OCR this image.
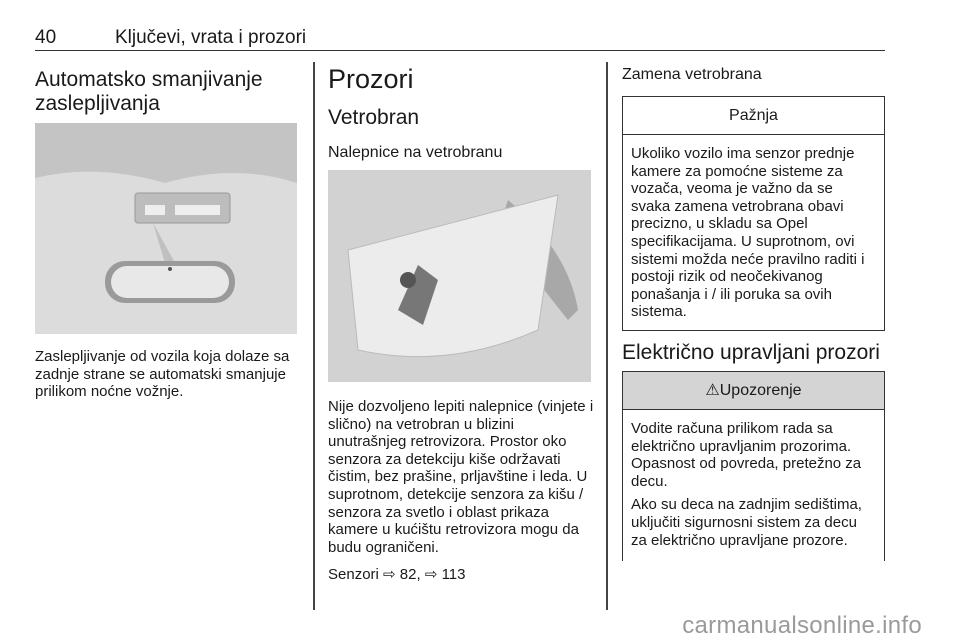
40	Ključevi, vrata i prozori
Automatsko smanjivanje zaslepljivanja
Zaslepljivanje od vozila koja dolaze sa zadnje strane se automatski smanjuje prilikom noćne vožnje.
Prozori
Vetrobran
Nalepnice na vetrobranu
Nije dozvoljeno lepiti nalepnice (vinjete i slično) na vetrobran u blizini unutrašnjeg retrovizora. Prostor oko senzora za detekciju kiše održavati čistim, bez prašine, prljavštine i leda. U suprotnom, detekcije senzora za kišu / senzora za svetlo i oblast prikaza kamere u kućištu retrovizora mogu da budu ograničeni.
Senzori ⇨ 82, ⇨ 113
Zamena vetrobrana
Pažnja
Ukoliko vozilo ima senzor prednje kamere za pomoćne sisteme za vozača, veoma je važno da se svaka zamena vetrobrana obavi precizno, u skladu sa Opel specifikacijama. U suprotnom, ovi sistemi možda neće pravilno raditi i postoji rizik od neočekivanog ponašanja i / ili poruka sa ovih sistema.
Električno upravljani prozori
⚠Upozorenje
Vodite računa prilikom rada sa električno upravljanim prozorima. Opasnost od povreda, pretežno za decu.
Ako su deca na zadnjim sedištima, uključiti sigurnosni sistem za decu za električno upravljane prozore.
carmanualsonline.info
